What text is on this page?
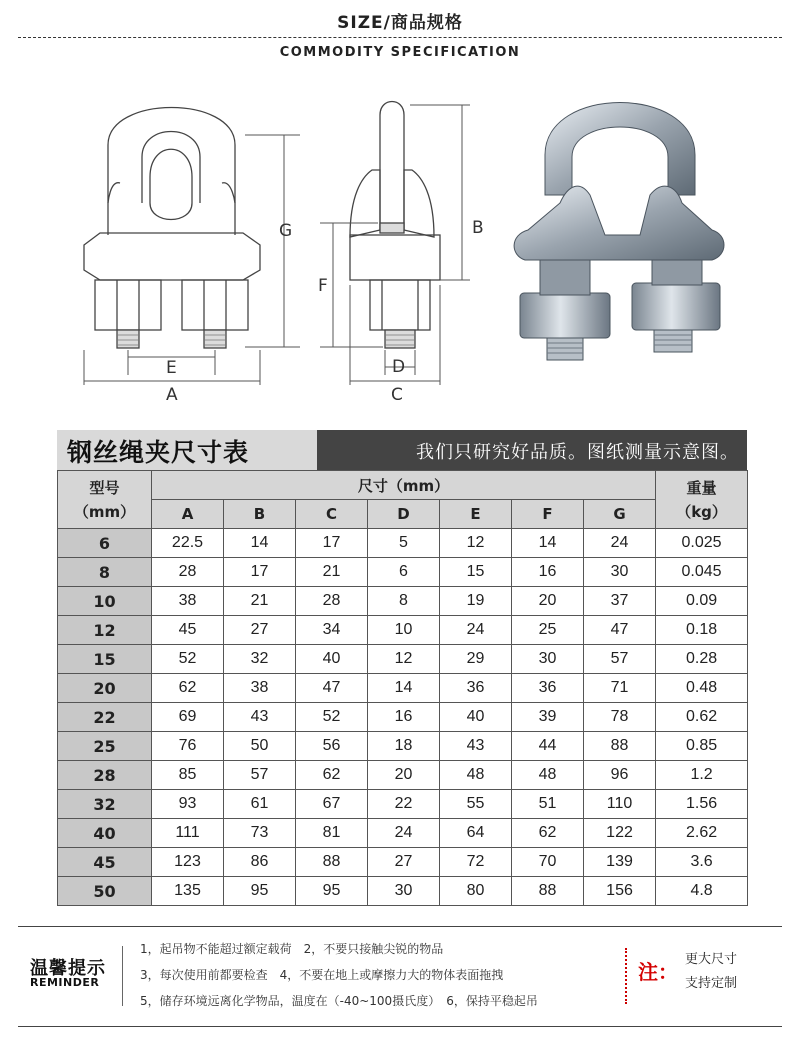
SIZE/商品规格
COMMODITY SPECIFICATION
E
A
G	B
F
D
C
钢丝绳夹尺寸表	我们只研究好品质。图纸测量示意图。
型号
（mm）	尺寸（mm）							重量
（kg）

	A	B	C	D	E	F	G	
6	22.5	14	17	5	12	14	24	0.025
8	28	17	21	6	15	16	30	0.045
10	38	21	28	8	19	20	37	0.09
12	45	27	34	10	24	25	47	0.18
15	52	32	40	12	29	30	57	0.28
20	62	38	47	14	36	36	71	0.48
22	69	43	52	16	40	39	78	0.62
25	76	50	56	18	43	44	88	0.85
28	85	57	62	20	48	48	96	1.2
32	93	61	67	22	55	51	110	1.56
40	111	73	81	24	64	62	122	2.62
45	123	86	88	27	72	70	139	3.6
50	135	95	95	30	80	88	156	4.8
温馨提示
REMINDER
1，起吊物不能超过额定载荷　2，不要只接触尖锐的物品
3，每次使用前都要检查　4，不要在地上或摩擦力大的物体表面拖拽
5，储存环境远离化学物品，温度在（-40~100摄氏度）　6，保持平稳起吊
注：
更大尺寸
支持定制
